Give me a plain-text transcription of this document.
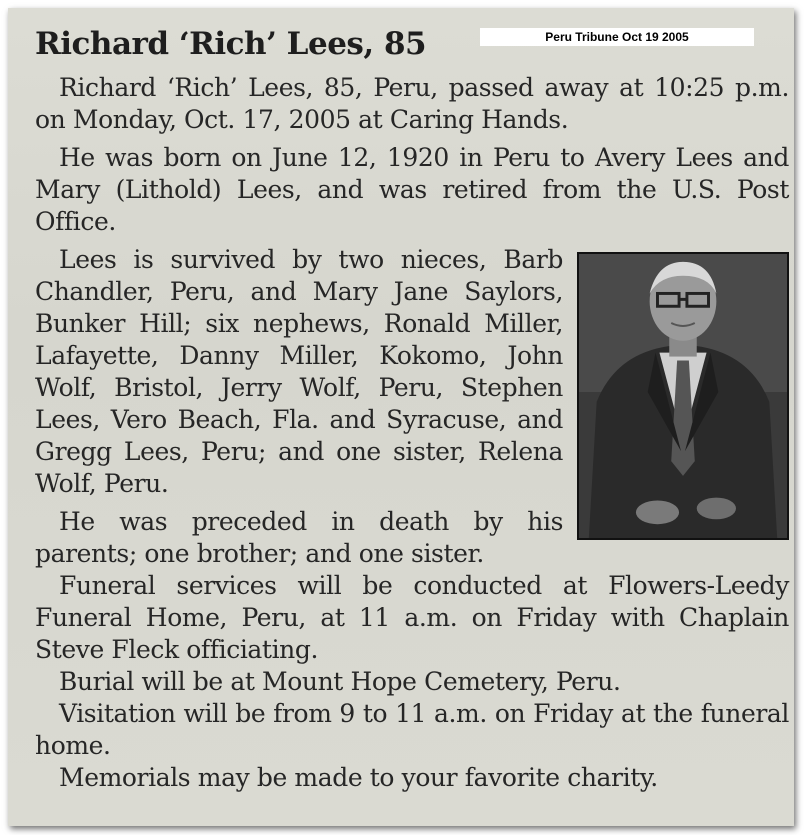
Richard ‘Rich’ Lees, 85

Richard ‘Rich’ Lees, 85, Peru, passed away at 10:25 p.m. on Monday, Oct. 17, 2005 at Caring Hands.

He was born on June 12, 1920 in Peru to Avery Lees and Mary (Lithold) Lees, and was retired from the U.S. Post Office.

Lees is survived by two nieces, Barb Chandler, Peru, and Mary Jane Saylors, Bunker Hill; six nephews, Ronald Miller, Lafayette, Danny Miller, Kokomo, John Wolf, Bristol, Jerry Wolf, Peru, Stephen Lees, Vero Beach, Fla. and Syracuse, and Gregg Lees, Peru; and one sister, Relena Wolf, Peru.

He was preceded in death by his parents; one brother; and one sister.

Funeral services will be conducted at Flowers-Leedy Funeral Home, Peru, at 11 a.m. on Friday with Chaplain Steve Fleck officiating.

Burial will be at Mount Hope Cemetery, Peru.

Visitation will be from 9 to 11 a.m. on Friday at the funeral home.

Memorials may be made to your favorite charity.

Peru Tribune Oct 19 2005
